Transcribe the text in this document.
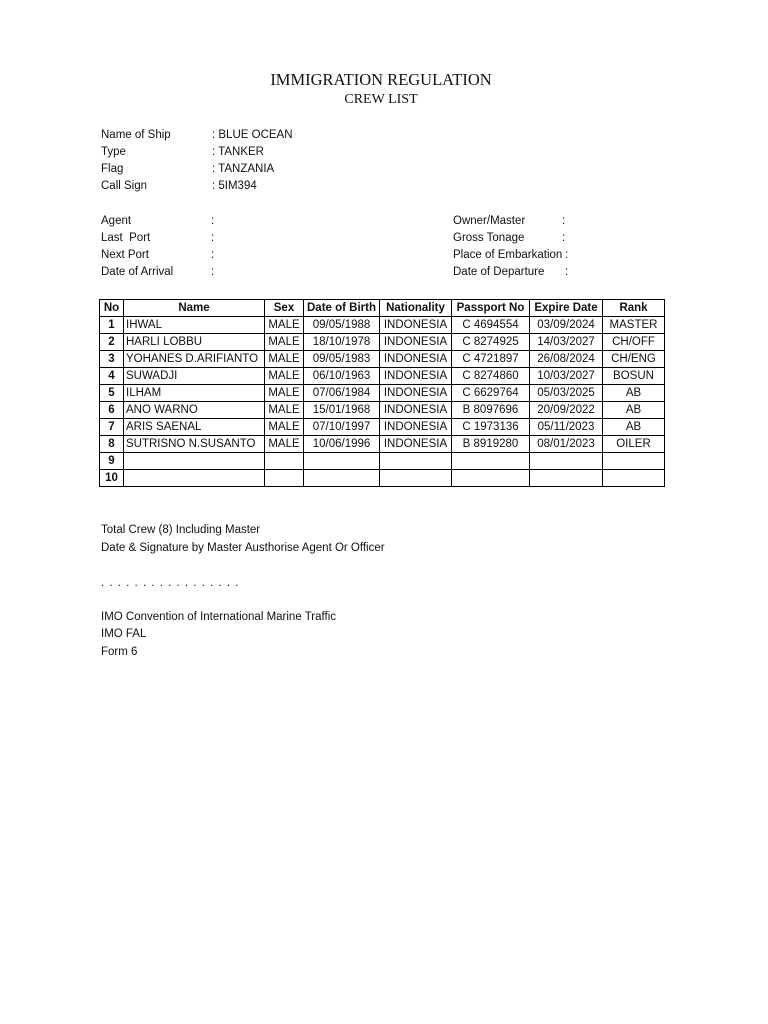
IMMIGRATION REGULATION
CREW LIST
Name of Ship	: BLUE OCEAN
Type	: TANKER
Flag	: TANZANIA
Call Sign	: 5IM394
Agent	:
Last  Port	:
Next Port	:
Date of Arrival	:
Owner/Master	:
Gross Tonage	:
Place of Embarkation :
Date of Departure :
No	Name	Sex	Date of Birth	Nationality	Passport No	Expire Date	Rank
1	IHWAL	MALE	09/05/1988	INDONESIA	C 4694554	03/09/2024	MASTER
2	HARLI LOBBU	MALE	18/10/1978	INDONESIA	C 8274925	14/03/2027	CH/OFF
3	YOHANES D.ARIFIANTO	MALE	09/05/1983	INDONESIA	C 4721897	26/08/2024	CH/ENG
4	SUWADJI	MALE	06/10/1963	INDONESIA	C 8274860	10/03/2027	BOSUN
5	ILHAM	MALE	07/06/1984	INDONESIA	C 6629764	05/03/2025	AB
6	ANO WARNO	MALE	15/01/1968	INDONESIA	B 8097696	20/09/2022	AB
7	ARIS SAENAL	MALE	07/10/1997	INDONESIA	C 1973136	05/11/2023	AB
8	SUTRISNO N.SUSANTO	MALE	10/06/1996	INDONESIA	B 8919280	08/01/2023	OILER
9							
10							
Total Crew (8) Including Master
Date & Signature by Master Austhorise Agent Or Officer
. . . . . . . . . . . . . . . . .
IMO Convention of International Marine Traffic
IMO FAL
Form 6
